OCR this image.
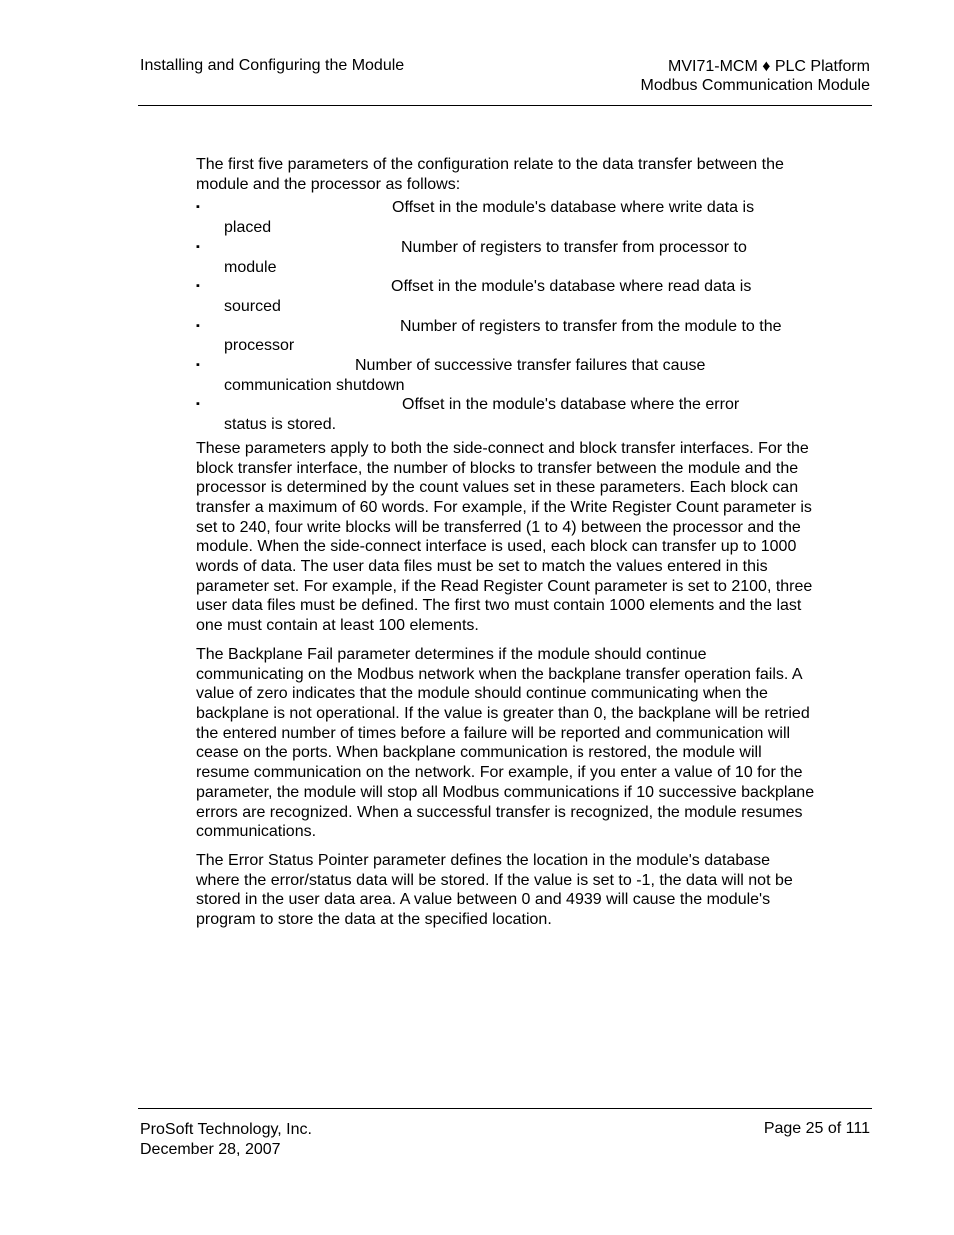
Installing and Configuring the Module	MVI71-MCM ♦ PLC Platform
Modbus Communication Module

The first five parameters of the configuration relate to the data transfer between the module and the processor as follows:

▪	Offset in the module's database where write data is
placed
▪	Number of registers to transfer from processor to
module
▪	Offset in the module's database where read data is
sourced
▪	Number of registers to transfer from the module to the
processor
▪	Number of successive transfer failures that cause
communication shutdown
▪	Offset in the module's database where the error
status is stored.

These parameters apply to both the side-connect and block transfer interfaces. For the block transfer interface, the number of blocks to transfer between the module and the processor is determined by the count values set in these parameters. Each block can transfer a maximum of 60 words. For example, if the Write Register Count parameter is set to 240, four write blocks will be transferred (1 to 4) between the processor and the module. When the side-connect interface is used, each block can transfer up to 1000 words of data. The user data files must be set to match the values entered in this parameter set. For example, if the Read Register Count parameter is set to 2100, three user data files must be defined. The first two must contain 1000 elements and the last one must contain at least 100 elements.

The Backplane Fail parameter determines if the module should continue communicating on the Modbus network when the backplane transfer operation fails. A value of zero indicates that the module should continue communicating when the backplane is not operational. If the value is greater than 0, the backplane will be retried the entered number of times before a failure will be reported and communication will cease on the ports. When backplane communication is restored, the module will resume communication on the network. For example, if you enter a value of 10 for the parameter, the module will stop all Modbus communications if 10 successive backplane errors are recognized. When a successful transfer is recognized, the module resumes communications.

The Error Status Pointer parameter defines the location in the module's database where the error/status data will be stored. If the value is set to -1, the data will not be stored in the user data area. A value between 0 and 4939 will cause the module's program to store the data at the specified location.

ProSoft Technology, Inc.
December 28, 2007
Page 25 of 111
